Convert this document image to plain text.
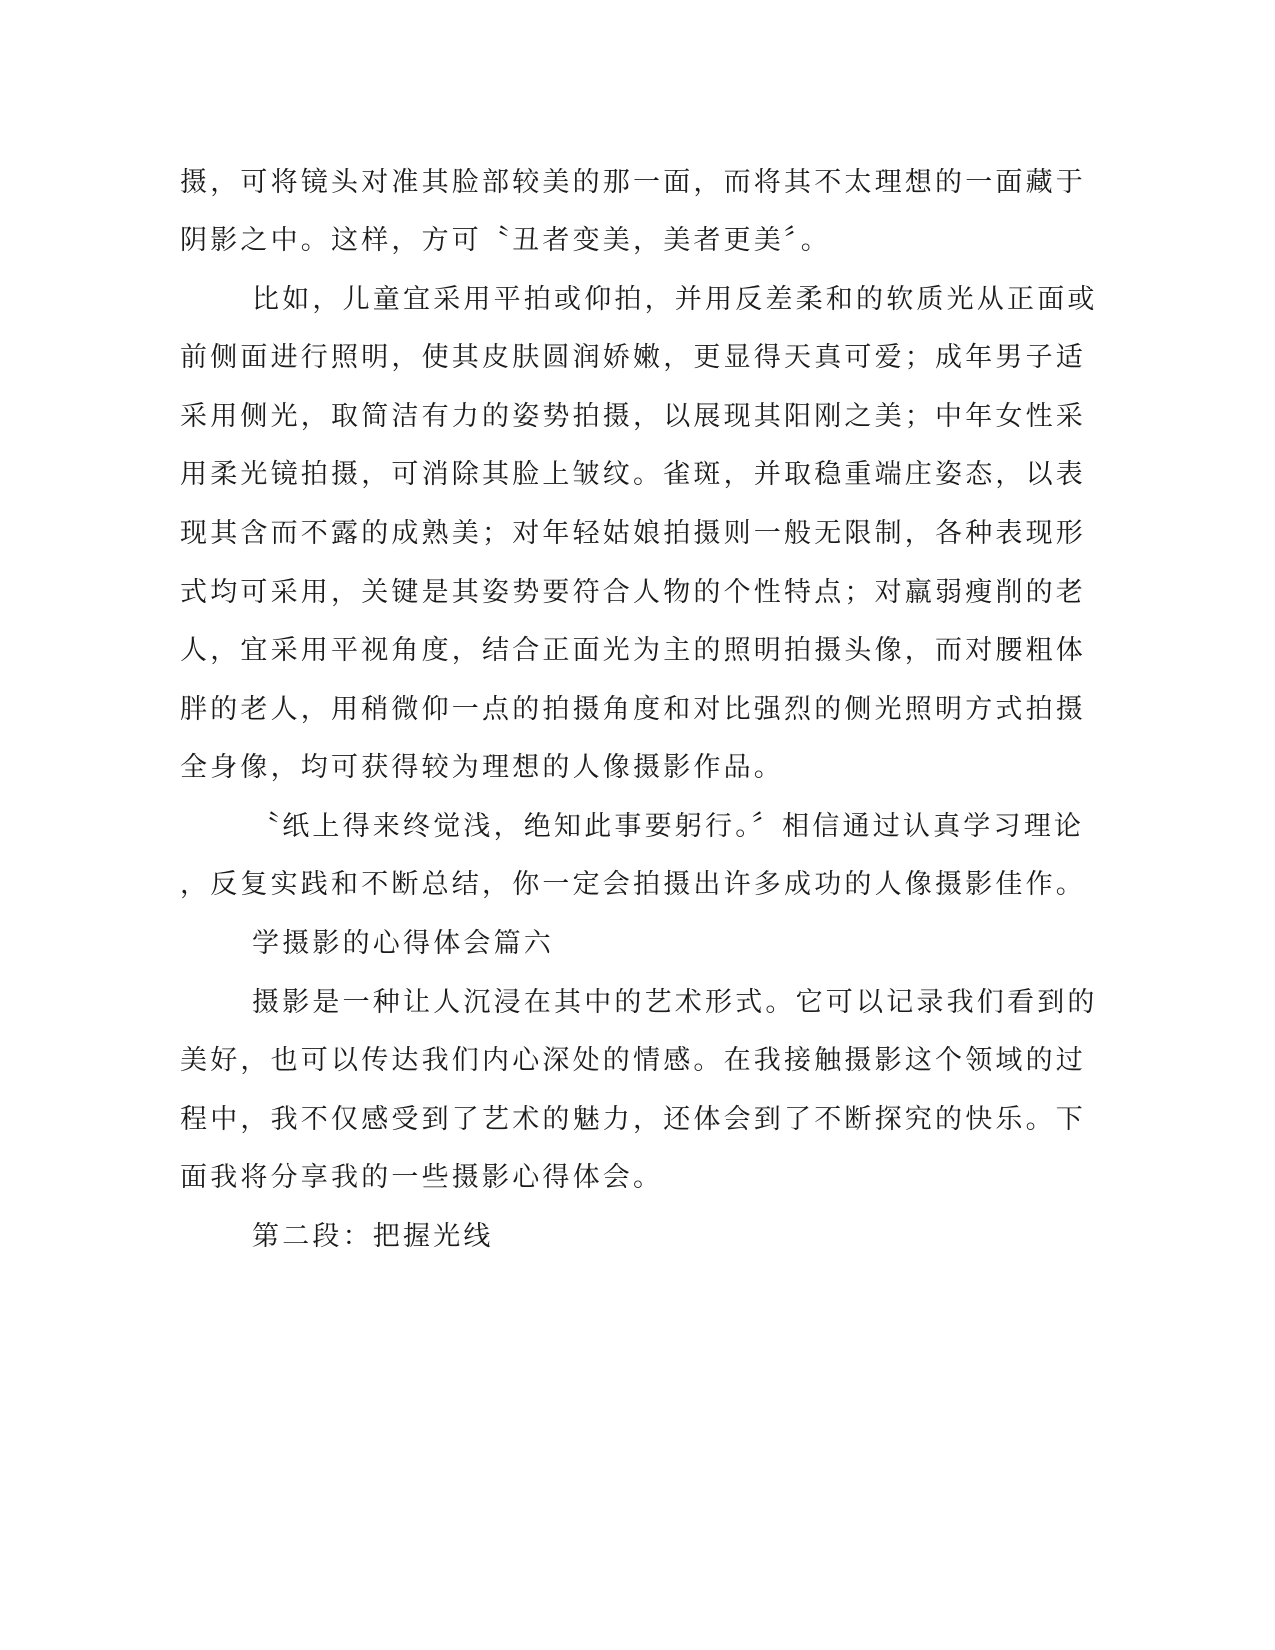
摄，可将镜头对准其脸部较美的那一面，而将其不太理想的一面藏于
阴影之中。这样，方可〝丑者变美，美者更美〞。
比如，儿童宜采用平拍或仰拍，并用反差柔和的软质光从正面或
前侧面进行照明，使其皮肤圆润娇嫩，更显得天真可爱；成年男子适
采用侧光，取简洁有力的姿势拍摄，以展现其阳刚之美；中年女性采
用柔光镜拍摄，可消除其脸上皱纹。雀斑，并取稳重端庄姿态，以表
现其含而不露的成熟美；对年轻姑娘拍摄则一般无限制，各种表现形
式均可采用，关键是其姿势要符合人物的个性特点；对羸弱瘦削的老
人，宜采用平视角度，结合正面光为主的照明拍摄头像，而对腰粗体
胖的老人，用稍微仰一点的拍摄角度和对比强烈的侧光照明方式拍摄
全身像，均可获得较为理想的人像摄影作品。
〝纸上得来终觉浅，绝知此事要躬行。〞相信通过认真学习理论
，反复实践和不断总结，你一定会拍摄出许多成功的人像摄影佳作。
学摄影的心得体会篇六
摄影是一种让人沉浸在其中的艺术形式。它可以记录我们看到的
美好，也可以传达我们内心深处的情感。在我接触摄影这个领域的过
程中，我不仅感受到了艺术的魅力，还体会到了不断探究的快乐。下
面我将分享我的一些摄影心得体会。
第二段：把握光线
